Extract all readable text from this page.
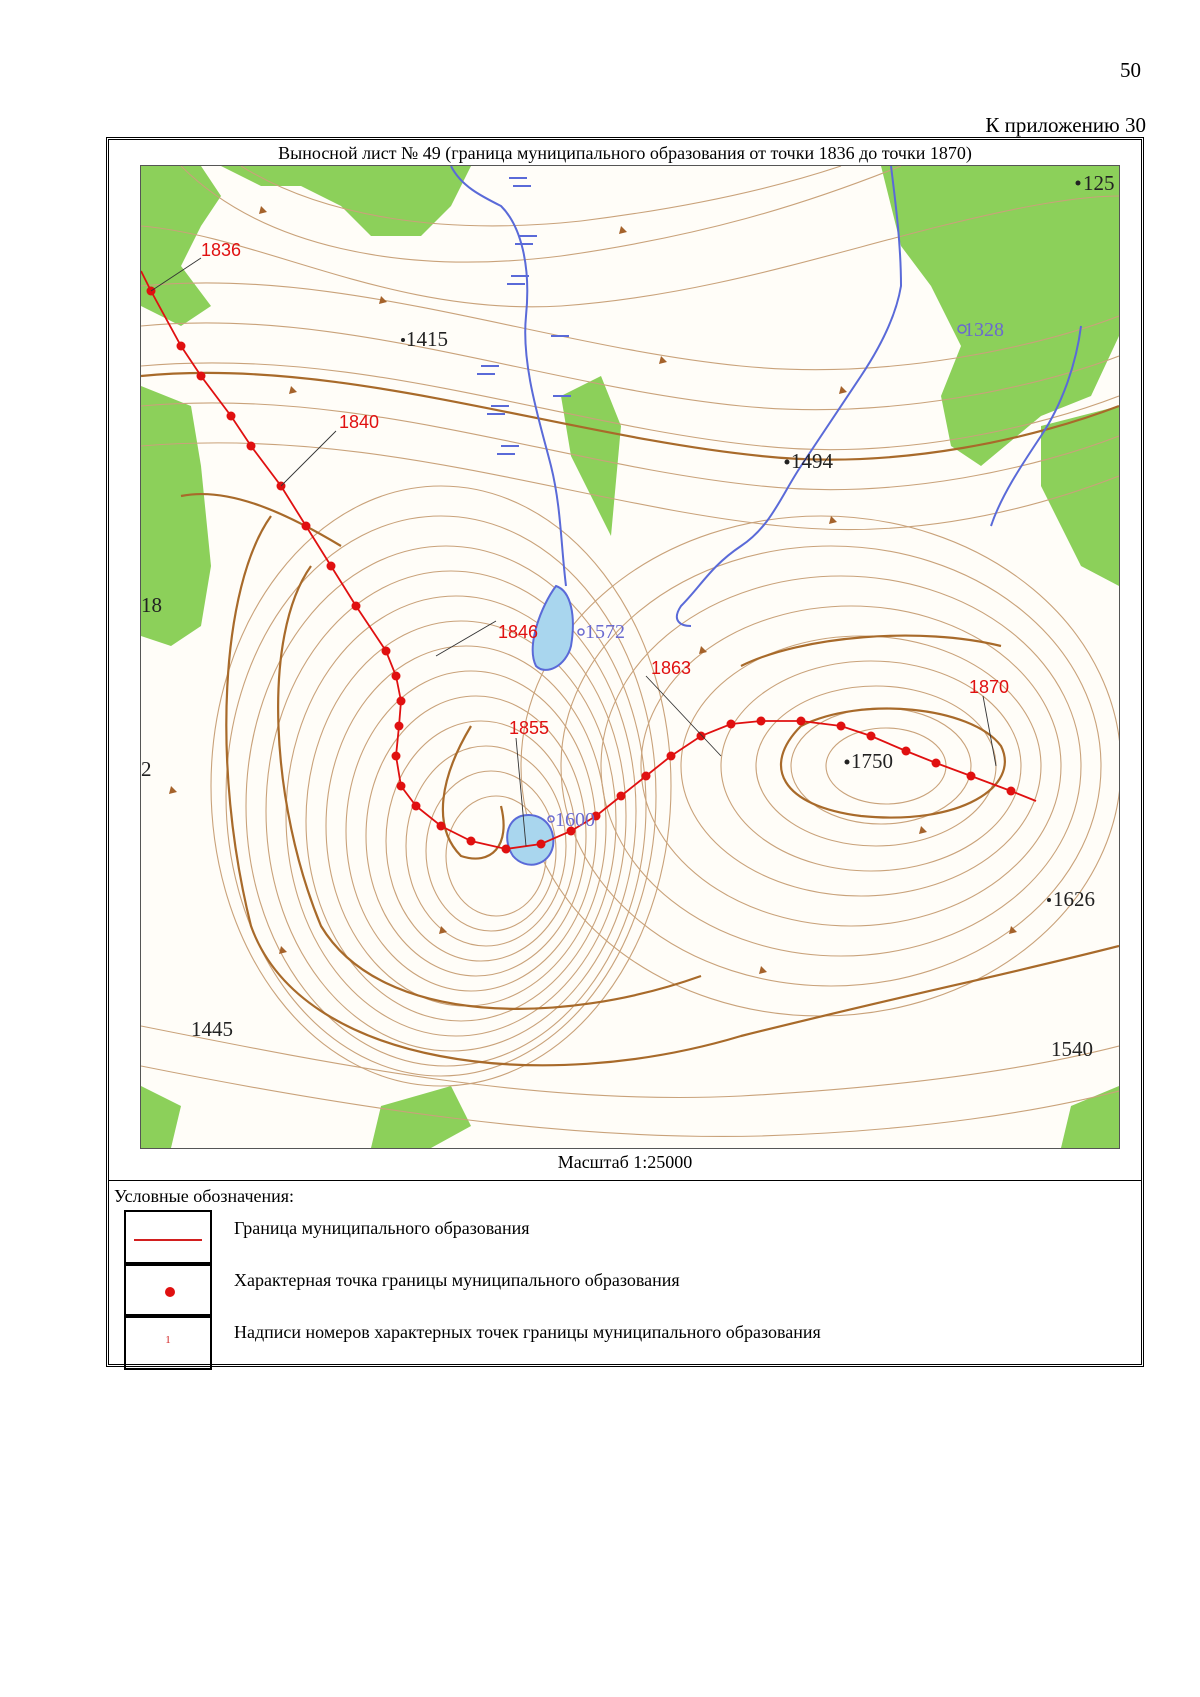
50
К приложению 30
Выносной лист № 49 (граница муниципального образования от точки 1836 до точки 1870)
1836
1840
1846
1855
1863
1870
1415
1494
1750
1626
1445
1540
125
18
2
1328
1572
1600
Масштаб 1:25000
Условные обозначения:
Граница муниципального образования
Характерная точка границы муниципального образования
1	Надписи номеров характерных точек границы муниципального образования
